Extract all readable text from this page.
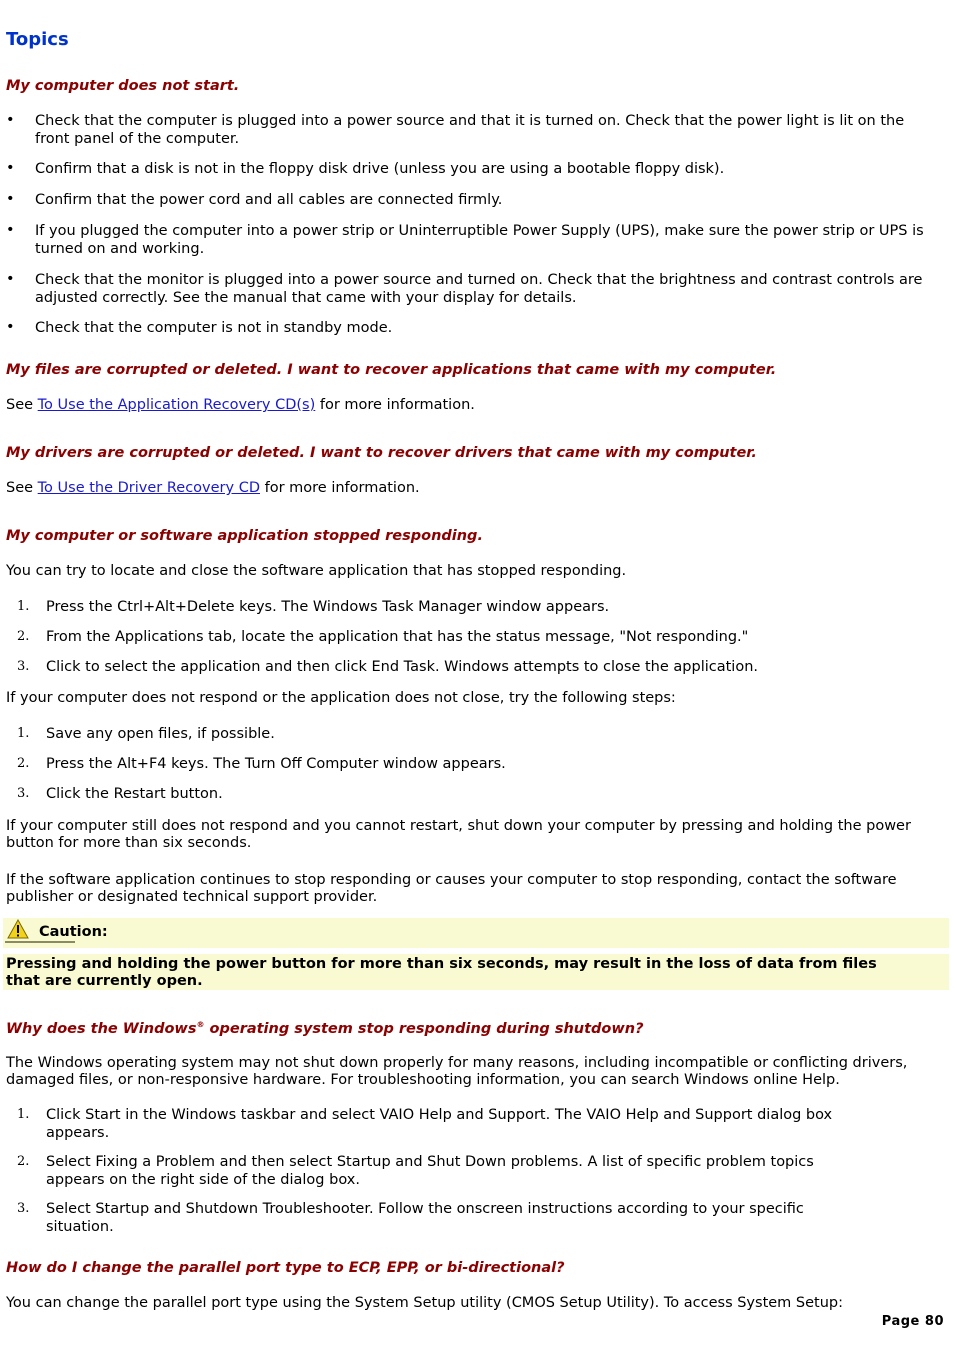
Topics
My computer does not start.
• Check that the computer is plugged into a power source and that it is turned on. Check that the power light is lit on the front panel of the computer.
• Confirm that a disk is not in the floppy disk drive (unless you are using a bootable floppy disk).
• Confirm that the power cord and all cables are connected firmly.
• If you plugged the computer into a power strip or Uninterruptible Power Supply (UPS), make sure the power strip or UPS is turned on and working.
• Check that the monitor is plugged into a power source and turned on. Check that the brightness and contrast controls are adjusted correctly. See the manual that came with your display for details.
• Check that the computer is not in standby mode.
My files are corrupted or deleted. I want to recover applications that came with my computer.
See To Use the Application Recovery CD(s) for more information.
My drivers are corrupted or deleted. I want to recover drivers that came with my computer.
See To Use the Driver Recovery CD for more information.
My computer or software application stopped responding.
You can try to locate and close the software application that has stopped responding.
1.	Press the Ctrl+Alt+Delete keys. The Windows Task Manager window appears.
2.	From the Applications tab, locate the application that has the status message, "Not responding."
3.	Click to select the application and then click End Task. Windows attempts to close the application.
If your computer does not respond or the application does not close, try the following steps:
1.	Save any open files, if possible.
2.	Press the Alt+F4 keys. The Turn Off Computer window appears.
3.	Click the Restart button.
If your computer still does not respond and you cannot restart, shut down your computer by pressing and holding the power button for more than six seconds.
If the software application continues to stop responding or causes your computer to stop responding, contact the software publisher or designated technical support provider.
Caution:
Pressing and holding the power button for more than six seconds, may result in the loss of data from files that are currently open.
Why does the Windows® operating system stop responding during shutdown?
The Windows operating system may not shut down properly for many reasons, including incompatible or conflicting drivers, damaged files, or non-responsive hardware. For troubleshooting information, you can search Windows online Help.
1.	Click Start in the Windows taskbar and select VAIO Help and Support. The VAIO Help and Support dialog box appears.
2.	Select Fixing a Problem and then select Startup and Shut Down problems. A list of specific problem topics appears on the right side of the dialog box.
3.	Select Startup and Shutdown Troubleshooter. Follow the onscreen instructions according to your specific situation.
How do I change the parallel port type to ECP, EPP, or bi-directional?
You can change the parallel port type using the System Setup utility (CMOS Setup Utility). To access System Setup:
Page 80
